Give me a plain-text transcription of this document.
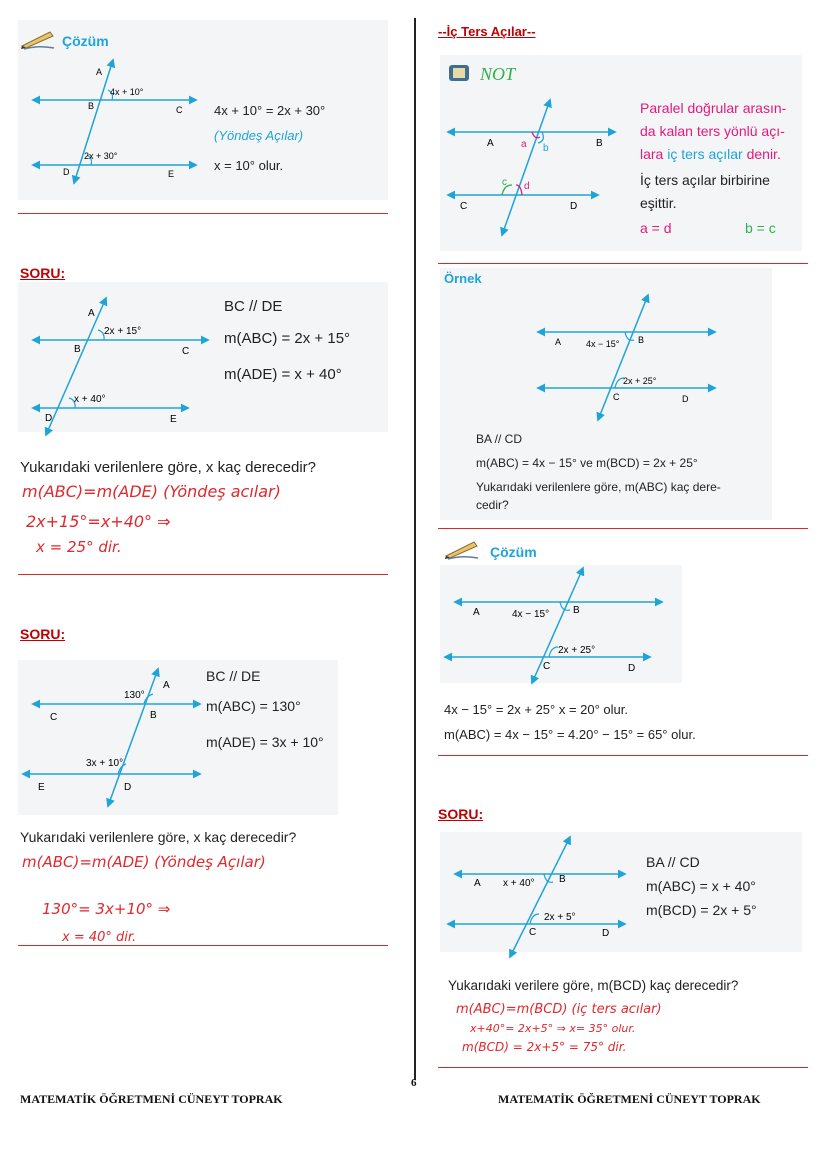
Çözüm
A
B	C
D	E
4x + 10°
2x + 30°
4x + 10° = 2x + 30°
(Yöndeş Açılar)
x = 10° olur.
SORU:
A
B	C
D	E
2x + 15°
x + 40°
BC // DE
m(ABC) = 2x + 15°
m(ADE) = x + 40°
Yukarıdaki verilenlere göre, x kaç derecedir?
m(ABC)=m(ADE) (Yöndeş acılar)
2x+15°=x+40° ⇒
x = 25° dir.
SORU:
A
B
C
D
E
130°
3x + 10°
BC // DE
m(ABC) = 130°
m(ADE) = 3x + 10°
Yukarıdaki verilenlere göre, x kaç derecedir?
m(ABC)=m(ADE) (Yöndeş Açılar)
130°= 3x+10° ⇒
x = 40° dir.
--İç Ters Açılar--
NOT
A	B
C	D
a b
c d
Paralel doğrular arasın-
da kalan ters yönlü açı-
lara iç ters açılar denir.
İç ters açılar birbirine
eşittir.
a = d	b = c
Örnek
A	B
C	D
4x − 15°
2x + 25°
BA // CD
m(ABC) = 4x − 15° ve m(BCD) = 2x + 25°
Yukarıdaki verilenlere göre, m(ABC) kaç dere-
cedir?
Çözüm
A	B
C	D
4x − 15°
2x + 25°
4x − 15° = 2x + 25° x = 20° olur.
m(ABC) = 4x − 15° = 4.20° − 15° = 65° olur.
SORU:
A	B
C	D
x + 40°
2x + 5°
BA // CD
m(ABC) = x + 40°
m(BCD) = 2x + 5°
Yukarıdaki verilere göre, m(BCD) kaç derecedir?
m(ABC)=m(BCD) (iç ters acılar)
x+40°= 2x+5° ⇒ x= 35° olur.
m(BCD) = 2x+5° = 75° dir.
MATEMATİK ÖĞRETMENİ CÜNEYT TOPRAK
6
MATEMATİK ÖĞRETMENİ CÜNEYT TOPRAK
